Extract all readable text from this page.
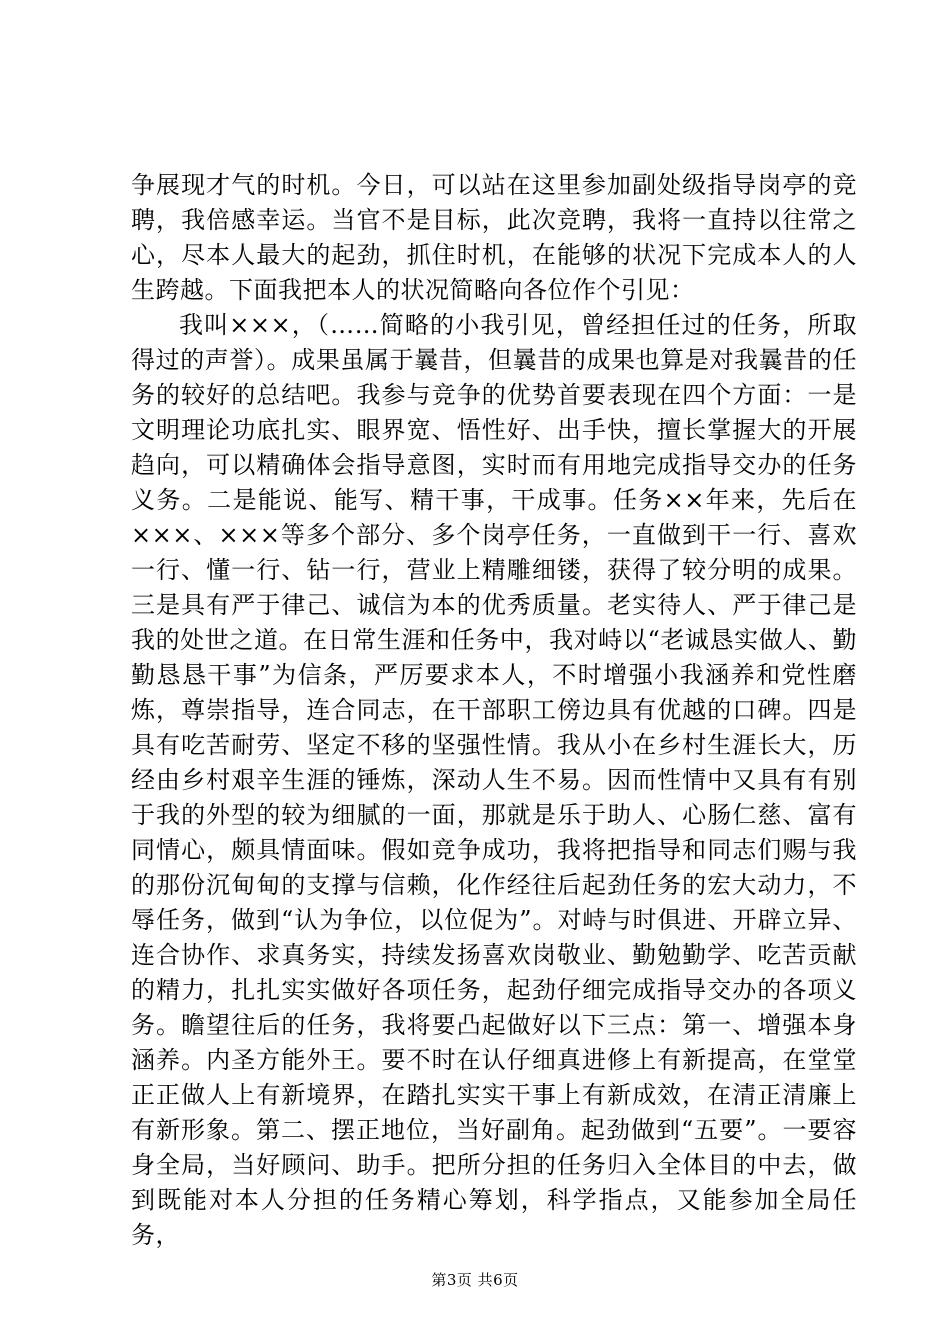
争展现才气的时机。今日，可以站在这里参加副处级指导岗亭的竞聘，我倍感幸运。当官不是目标，此次竞聘，我将一直持以往常之心，尽本人最大的起劲，抓住时机，在能够的状况下完成本人的人生跨越。下面我把本人的状况简略向各位作个引见：

我叫×××，（……简略的小我引见，曾经担任过的任务，所取得过的声誉）。成果虽属于曩昔，但曩昔的成果也算是对我曩昔的任务的较好的总结吧。我参与竞争的优势首要表现在四个方面：一是文明理论功底扎实、眼界宽、悟性好、出手快，擅长掌握大的开展趋向，可以精确体会指导意图，实时而有用地完成指导交办的任务义务。二是能说、能写、精干事，干成事。任务××年来，先后在×××、×××等多个部分、多个岗亭任务，一直做到干一行、喜欢一行、懂一行、钻一行，营业上精雕细镂，获得了较分明的成果。三是具有严于律己、诚信为本的优秀质量。老实待人、严于律己是我的处世之道。在日常生涯和任务中，我对峙以“老诚恳实做人、勤勤恳恳干事”为信条，严厉要求本人，不时增强小我涵养和党性磨炼，尊崇指导，连合同志，在干部职工傍边具有优越的口碑。四是具有吃苦耐劳、坚定不移的坚强性情。我从小在乡村生涯长大，历经由乡村艰辛生涯的锤炼，深动人生不易。因而性情中又具有有别于我的外型的较为细腻的一面，那就是乐于助人、心肠仁慈、富有同情心，颇具情面味。假如竞争成功，我将把指导和同志们赐与我的那份沉甸甸的支撑与信赖，化作经往后起劲任务的宏大动力，不辱任务，做到“认为争位，以位促为”。对峙与时俱进、开辟立异、连合协作、求真务实，持续发扬喜欢岗敬业、勤勉勤学、吃苦贡献的精力，扎扎实实做好各项任务，起劲仔细完成指导交办的各项义务。瞻望往后的任务，我将要凸起做好以下三点：第一、增强本身涵养。内圣方能外王。要不时在认仔细真进修上有新提高，在堂堂正正做人上有新境界，在踏扎实实干事上有新成效，在清正清廉上有新形象。第二、摆正地位，当好副角。起劲做到“五要”。一要容身全局，当好顾问、助手。把所分担的任务归入全体目的中去，做到既能对本人分担的任务精心筹划，科学指点，又能参加全局任务，

第3页 共6页
